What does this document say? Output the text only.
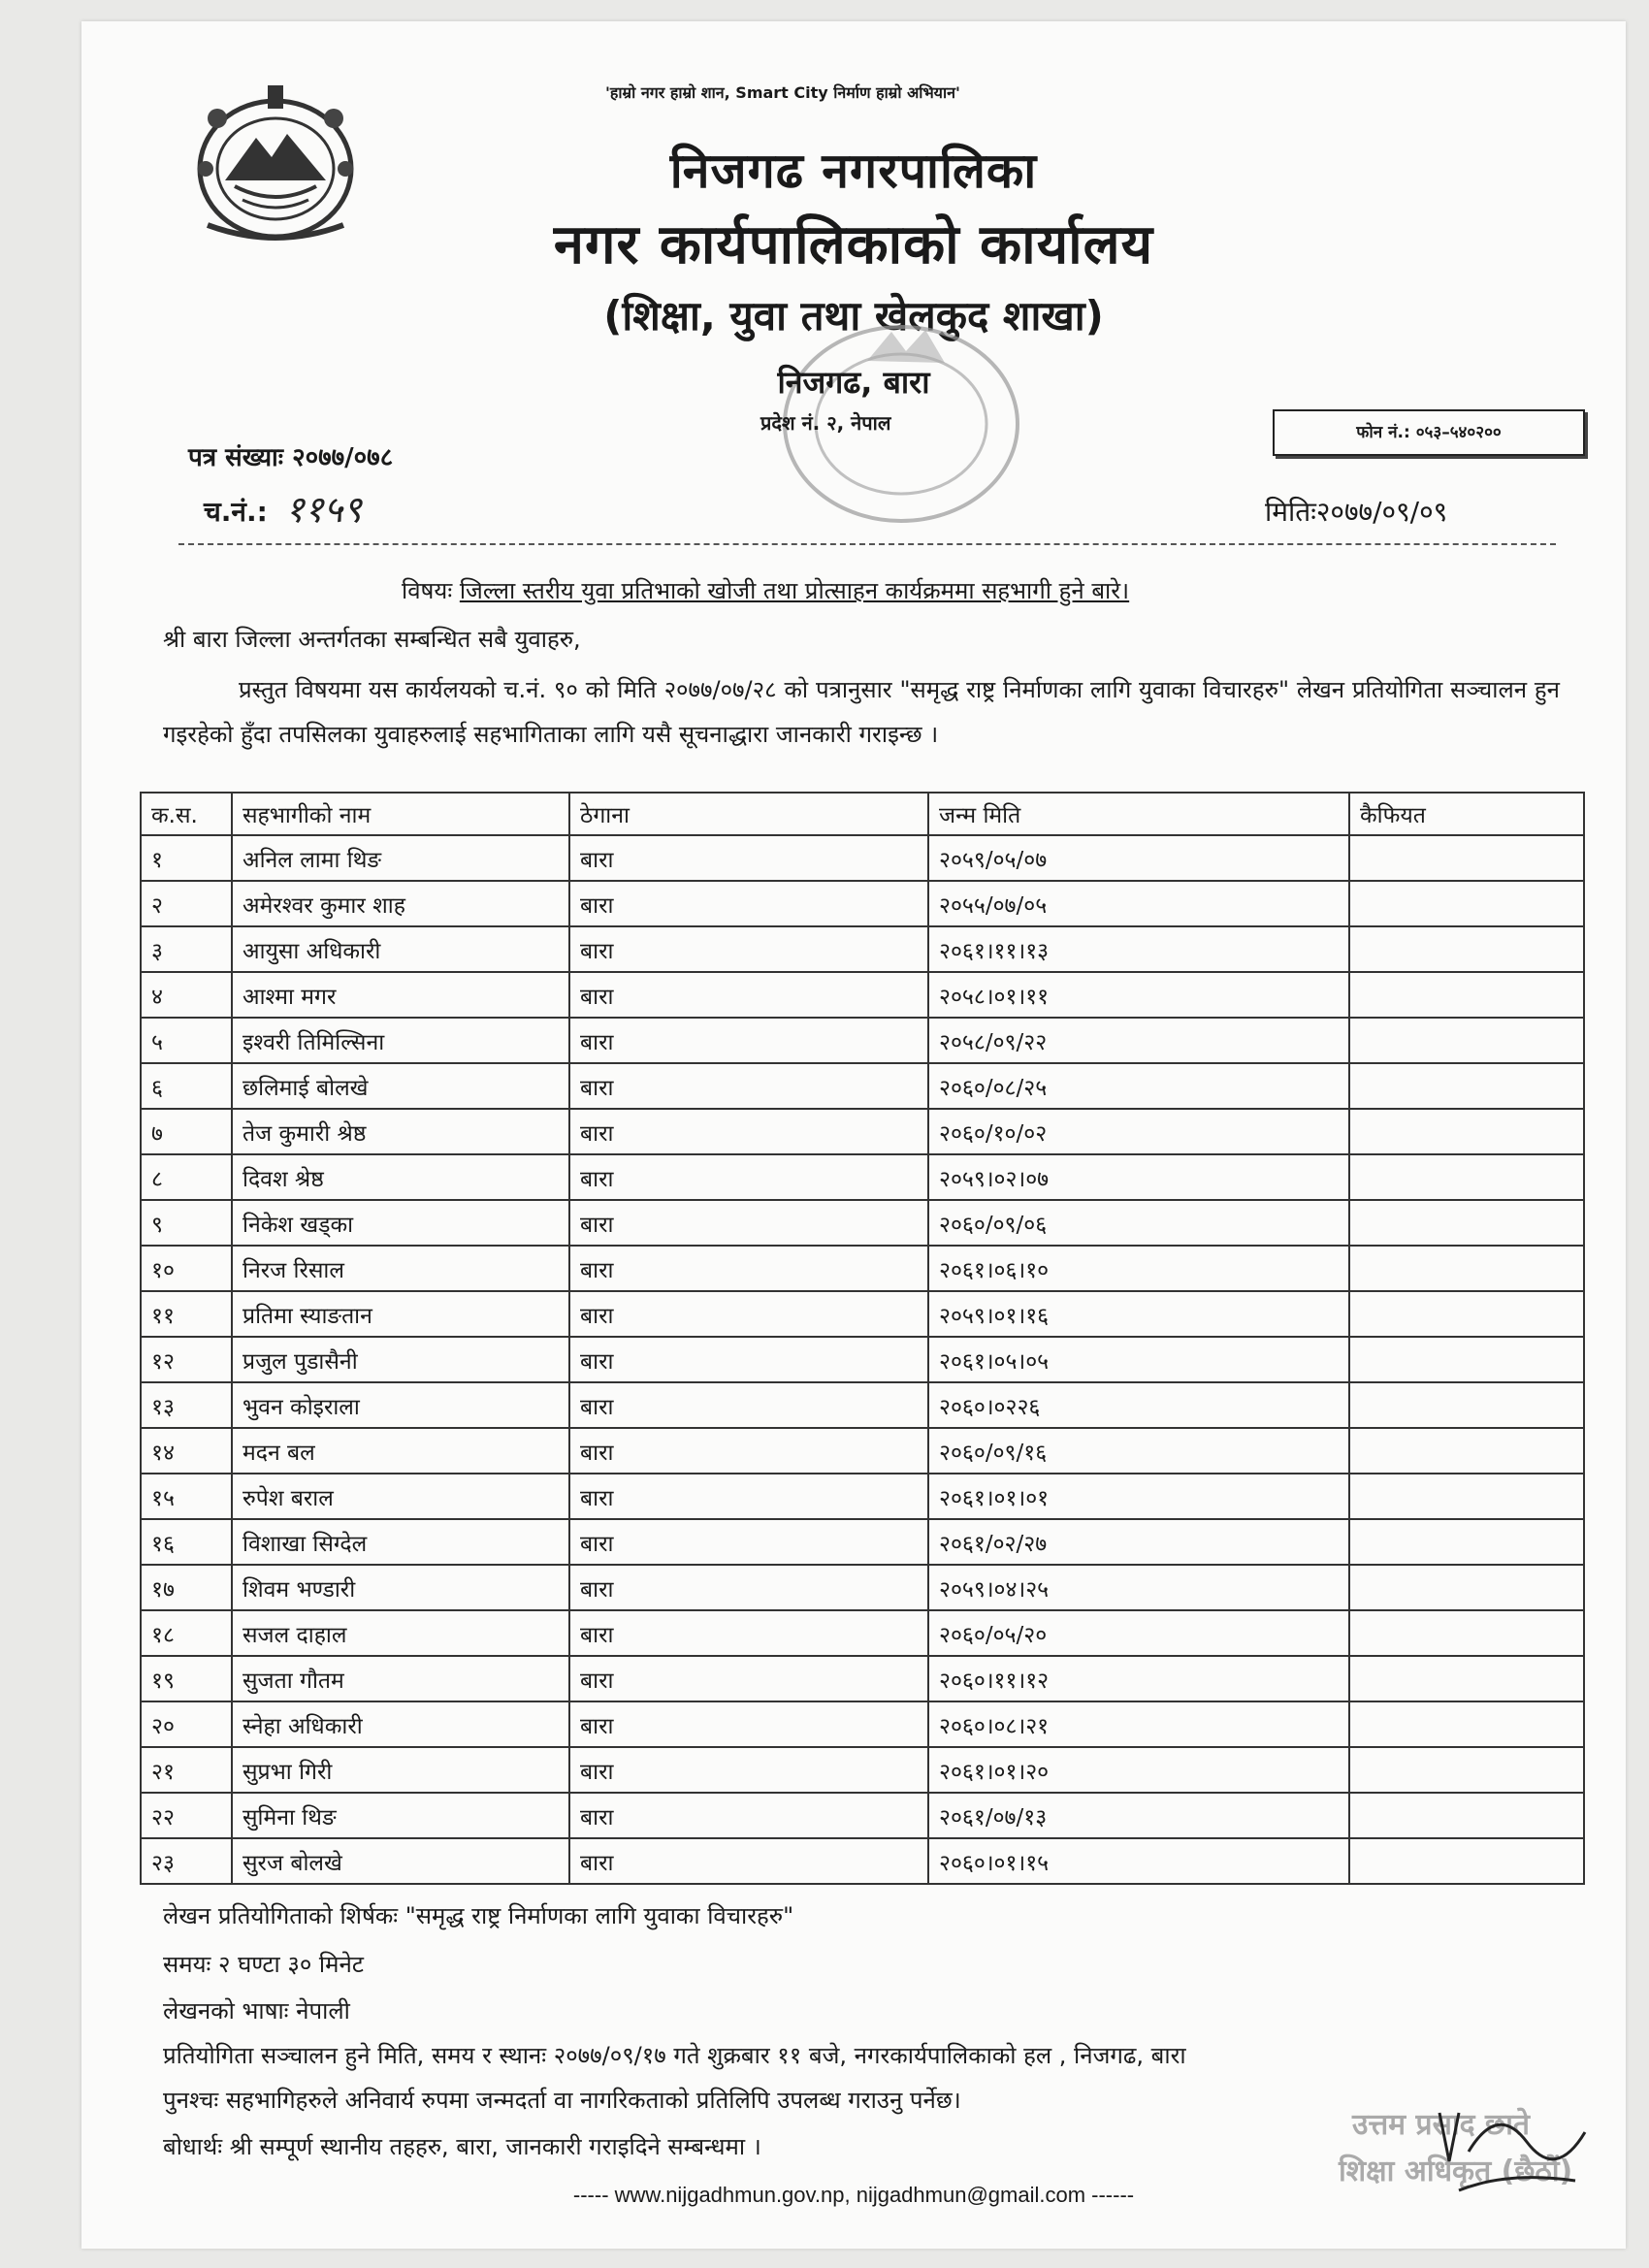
'हाम्रो नगर हाम्रो शान, Smart City निर्माण हाम्रो अभियान'
निजगढ नगरपालिका
नगर कार्यपालिकाको कार्यालय
(शिक्षा, युवा तथा खेलकुद शाखा)
निजगढ, बारा
प्रदेश नं. २, नेपाल	फोन नं.: ०५३–५४०२००
पत्र संख्याः २०७७/०७८
च.नं.: ११५९	मितिः२०७७/०९/०९
विषयः जिल्ला स्तरीय युवा प्रतिभाको खोजी तथा प्रोत्साहन कार्यक्रममा सहभागी हुने बारे।
श्री बारा जिल्ला अन्तर्गतका सम्बन्धित सबै युवाहरु,
प्रस्तुत विषयमा यस कार्यलयको च.नं. ९० को मिति २०७७/०७/२८ को पत्रानुसार "समृद्ध राष्ट्र निर्माणका लागि युवाका विचारहरु" लेखन प्रतियोगिता सञ्चालन हुन गइरहेको हुँदा तपसिलका युवाहरुलाई सहभागिताका लागि यसै सूचनाद्धारा जानकारी गराइन्छ ।
क.स.	सहभागीको नाम	ठेगाना	जन्म मिति	कैफियत
१	अनिल लामा थिङ	बारा	२०५९/०५/०७	
२	अमेरश्वर कुमार शाह	बारा	२०५५/०७/०५	
३	आयुसा अधिकारी	बारा	२०६१।११।१३	
४	आश्मा मगर	बारा	२०५८।०१।११	
५	इश्वरी तिमिल्सिना	बारा	२०५८/०९/२२	
६	छलिमाई बोलखे	बारा	२०६०/०८/२५	
७	तेज कुमारी श्रेष्ठ	बारा	२०६०/१०/०२	
८	दिवश श्रेष्ठ	बारा	२०५९।०२।०७	
९	निकेश खड्का	बारा	२०६०/०९/०६	
१०	निरज रिसाल	बारा	२०६१।०६।१०	
११	प्रतिमा स्याङतान	बारा	२०५९।०१।१६	
१२	प्रजुल पुडासैनी	बारा	२०६१।०५।०५	
१३	भुवन कोइराला	बारा	२०६०।०२२६	
१४	मदन बल	बारा	२०६०/०९/१६	
१५	रुपेश बराल	बारा	२०६१।०१।०१	
१६	विशाखा सिग्देल	बारा	२०६१/०२/२७	
१७	शिवम भण्डारी	बारा	२०५९।०४।२५	
१८	सजल दाहाल	बारा	२०६०/०५/२०	
१९	सुजता गौतम	बारा	२०६०।११।१२	
२०	स्नेहा अधिकारी	बारा	२०६०।०८।२१	
२१	सुप्रभा गिरी	बारा	२०६१।०१।२०	
२२	सुमिना थिङ	बारा	२०६१/०७/१३	
२३	सुरज बोलखे	बारा	२०६०।०१।१५	
लेखन प्रतियोगिताको शिर्षकः "समृद्ध राष्ट्र निर्माणका लागि युवाका विचारहरु"
समयः २ घण्टा ३० मिनेट
लेखनको भाषाः नेपाली
प्रतियोगिता सञ्चालन हुने मिति, समय र स्थानः २०७७/०९/१७ गते शुक्रबार ११ बजे, नगरकार्यपालिकाको हल , निजगढ, बारा
पुनश्चः सहभागिहरुले अनिवार्य रुपमा जन्मदर्ता वा नागरिकताको प्रतिलिपि उपलब्ध गराउनु पर्नेछ।
बोधार्थः श्री सम्पूर्ण स्थानीय तहहरु, बारा, जानकारी गराइदिने सम्बन्धमा ।
उत्तम प्रसाद छाते
शिक्षा अधिकृत (छैठौं)
----- www.nijgadhmun.gov.np, nijgadhmun@gmail.com ------
